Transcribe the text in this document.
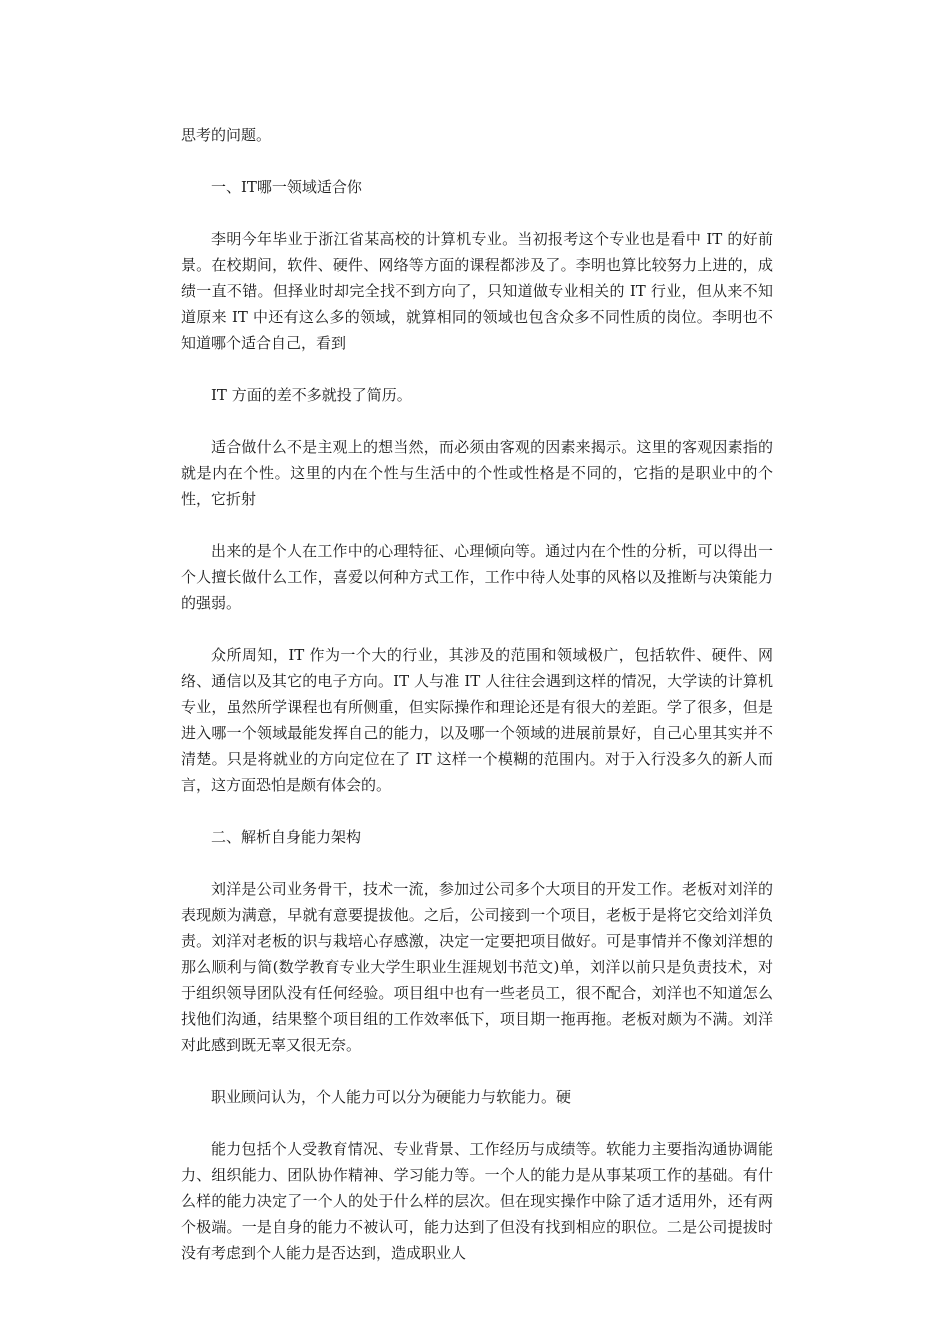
思考的问题。

一、IT哪一领域适合你

李明今年毕业于浙江省某高校的计算机专业。当初报考这个专业也是看中 IT 的好前景。在校期间，软件、硬件、网络等方面的课程都涉及了。李明也算比较努力上进的，成绩一直不错。但择业时却完全找不到方向了，只知道做专业相关的 IT 行业，但从来不知道原来 IT 中还有这么多的领域，就算相同的领域也包含众多不同性质的岗位。李明也不知道哪个适合自己，看到

IT 方面的差不多就投了简历。

适合做什么不是主观上的想当然，而必须由客观的因素来揭示。这里的客观因素指的就是内在个性。这里的内在个性与生活中的个性或性格是不同的，它指的是职业中的个性，它折射

出来的是个人在工作中的心理特征、心理倾向等。通过内在个性的分析，可以得出一个人擅长做什么工作，喜爱以何种方式工作，工作中待人处事的风格以及推断与决策能力的强弱。

众所周知，IT 作为一个大的行业，其涉及的范围和领域极广，包括软件、硬件、网络、通信以及其它的电子方向。IT 人与准 IT 人往往会遇到这样的情况，大学读的计算机专业，虽然所学课程也有所侧重，但实际操作和理论还是有很大的差距。学了很多，但是进入哪一个领域最能发挥自己的能力，以及哪一个领域的进展前景好，自己心里其实并不清楚。只是将就业的方向定位在了 IT 这样一个模糊的范围内。对于入行没多久的新人而言，这方面恐怕是颇有体会的。

二、解析自身能力架构

刘洋是公司业务骨干，技术一流，参加过公司多个大项目的开发工作。老板对刘洋的表现颇为满意，早就有意要提拔他。之后，公司接到一个项目，老板于是将它交给刘洋负责。刘洋对老板的识与栽培心存感激，决定一定要把项目做好。可是事情并不像刘洋想的那么顺利与简(数学教育专业大学生职业生涯规划书范文)单，刘洋以前只是负责技术，对于组织领导团队没有任何经验。项目组中也有一些老员工，很不配合，刘洋也不知道怎么找他们沟通，结果整个项目组的工作效率低下，项目期一拖再拖。老板对颇为不满。刘洋对此感到既无辜又很无奈。

职业顾问认为，个人能力可以分为硬能力与软能力。硬

能力包括个人受教育情况、专业背景、工作经历与成绩等。软能力主要指沟通协调能力、组织能力、团队协作精神、学习能力等。一个人的能力是从事某项工作的基础。有什么样的能力决定了一个人的处于什么样的层次。但在现实操作中除了适才适用外，还有两个极端。一是自身的能力不被认可，能力达到了但没有找到相应的职位。二是公司提拔时没有考虑到个人能力是否达到，造成职业人
